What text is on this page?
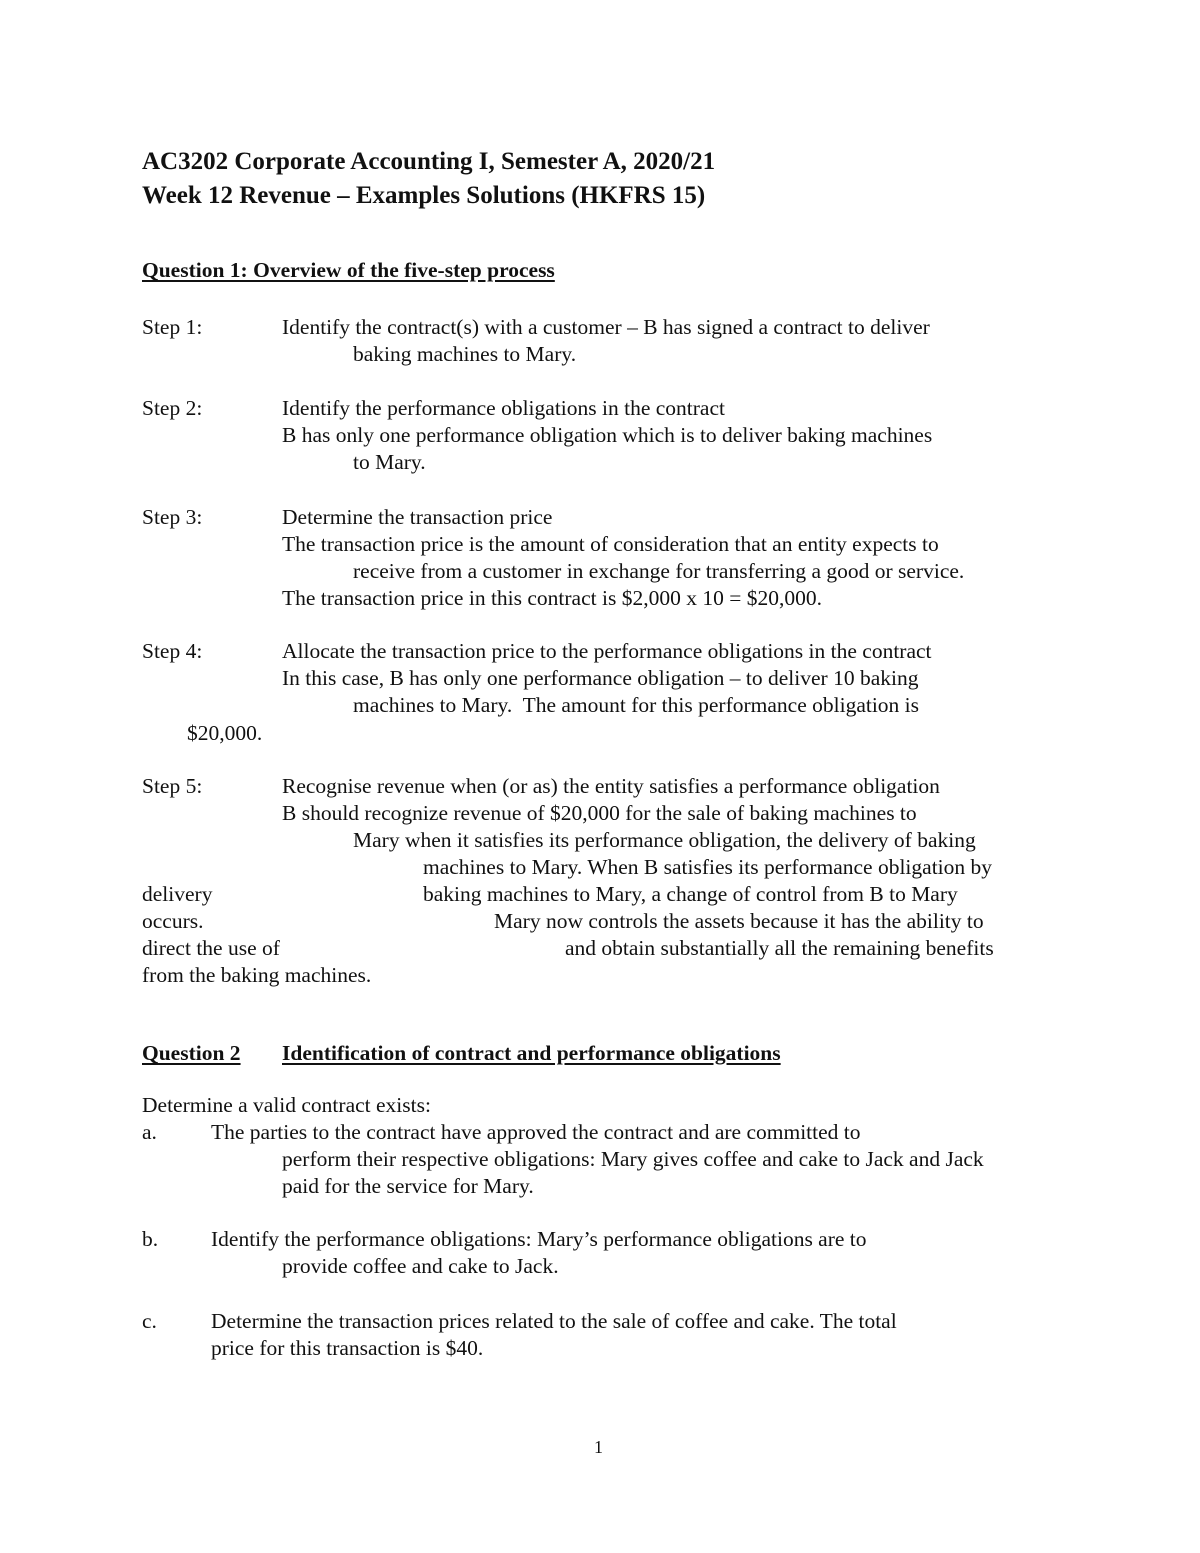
AC3202 Corporate Accounting I, Semester A, 2020/21
Week 12 Revenue – Examples Solutions (HKFRS 15)
Question 1: Overview of the five-step process
Step 1:	Identify the contract(s) with a customer – B has signed a contract to deliver
baking machines to Mary.
Step 2:	Identify the performance obligations in the contract
B has only one performance obligation which is to deliver baking machines
to Mary.
Step 3:	Determine the transaction price
The transaction price is the amount of consideration that an entity expects to
receive from a customer in exchange for transferring a good or service.
The transaction price in this contract is $2,000 x 10 = $20,000.
Step 4:	Allocate the transaction price to the performance obligations in the contract
In this case, B has only one performance obligation – to deliver 10 baking
machines to Mary.  The amount for this performance obligation is
$20,000.
Step 5:	Recognise revenue when (or as) the entity satisfies a performance obligation
B should recognize revenue of $20,000 for the sale of baking machines to
Mary when it satisfies its performance obligation, the delivery of baking
machines to Mary. When B satisfies its performance obligation by
delivery	baking machines to Mary, a change of control from B to Mary
occurs.	Mary now controls the assets because it has the ability to
direct the use of	and obtain substantially all the remaining benefits
from the baking machines.
Question 2 Identification of contract and performance obligations
Determine a valid contract exists:
a.	The parties to the contract have approved the contract and are committed to
perform their respective obligations: Mary gives coffee and cake to Jack and Jack
paid for the service for Mary.
b. Identify the performance obligations: Mary’s performance obligations are to
provide coffee and cake to Jack.
c.	Determine the transaction prices related to the sale of coffee and cake. The total
price for this transaction is $40.
1
